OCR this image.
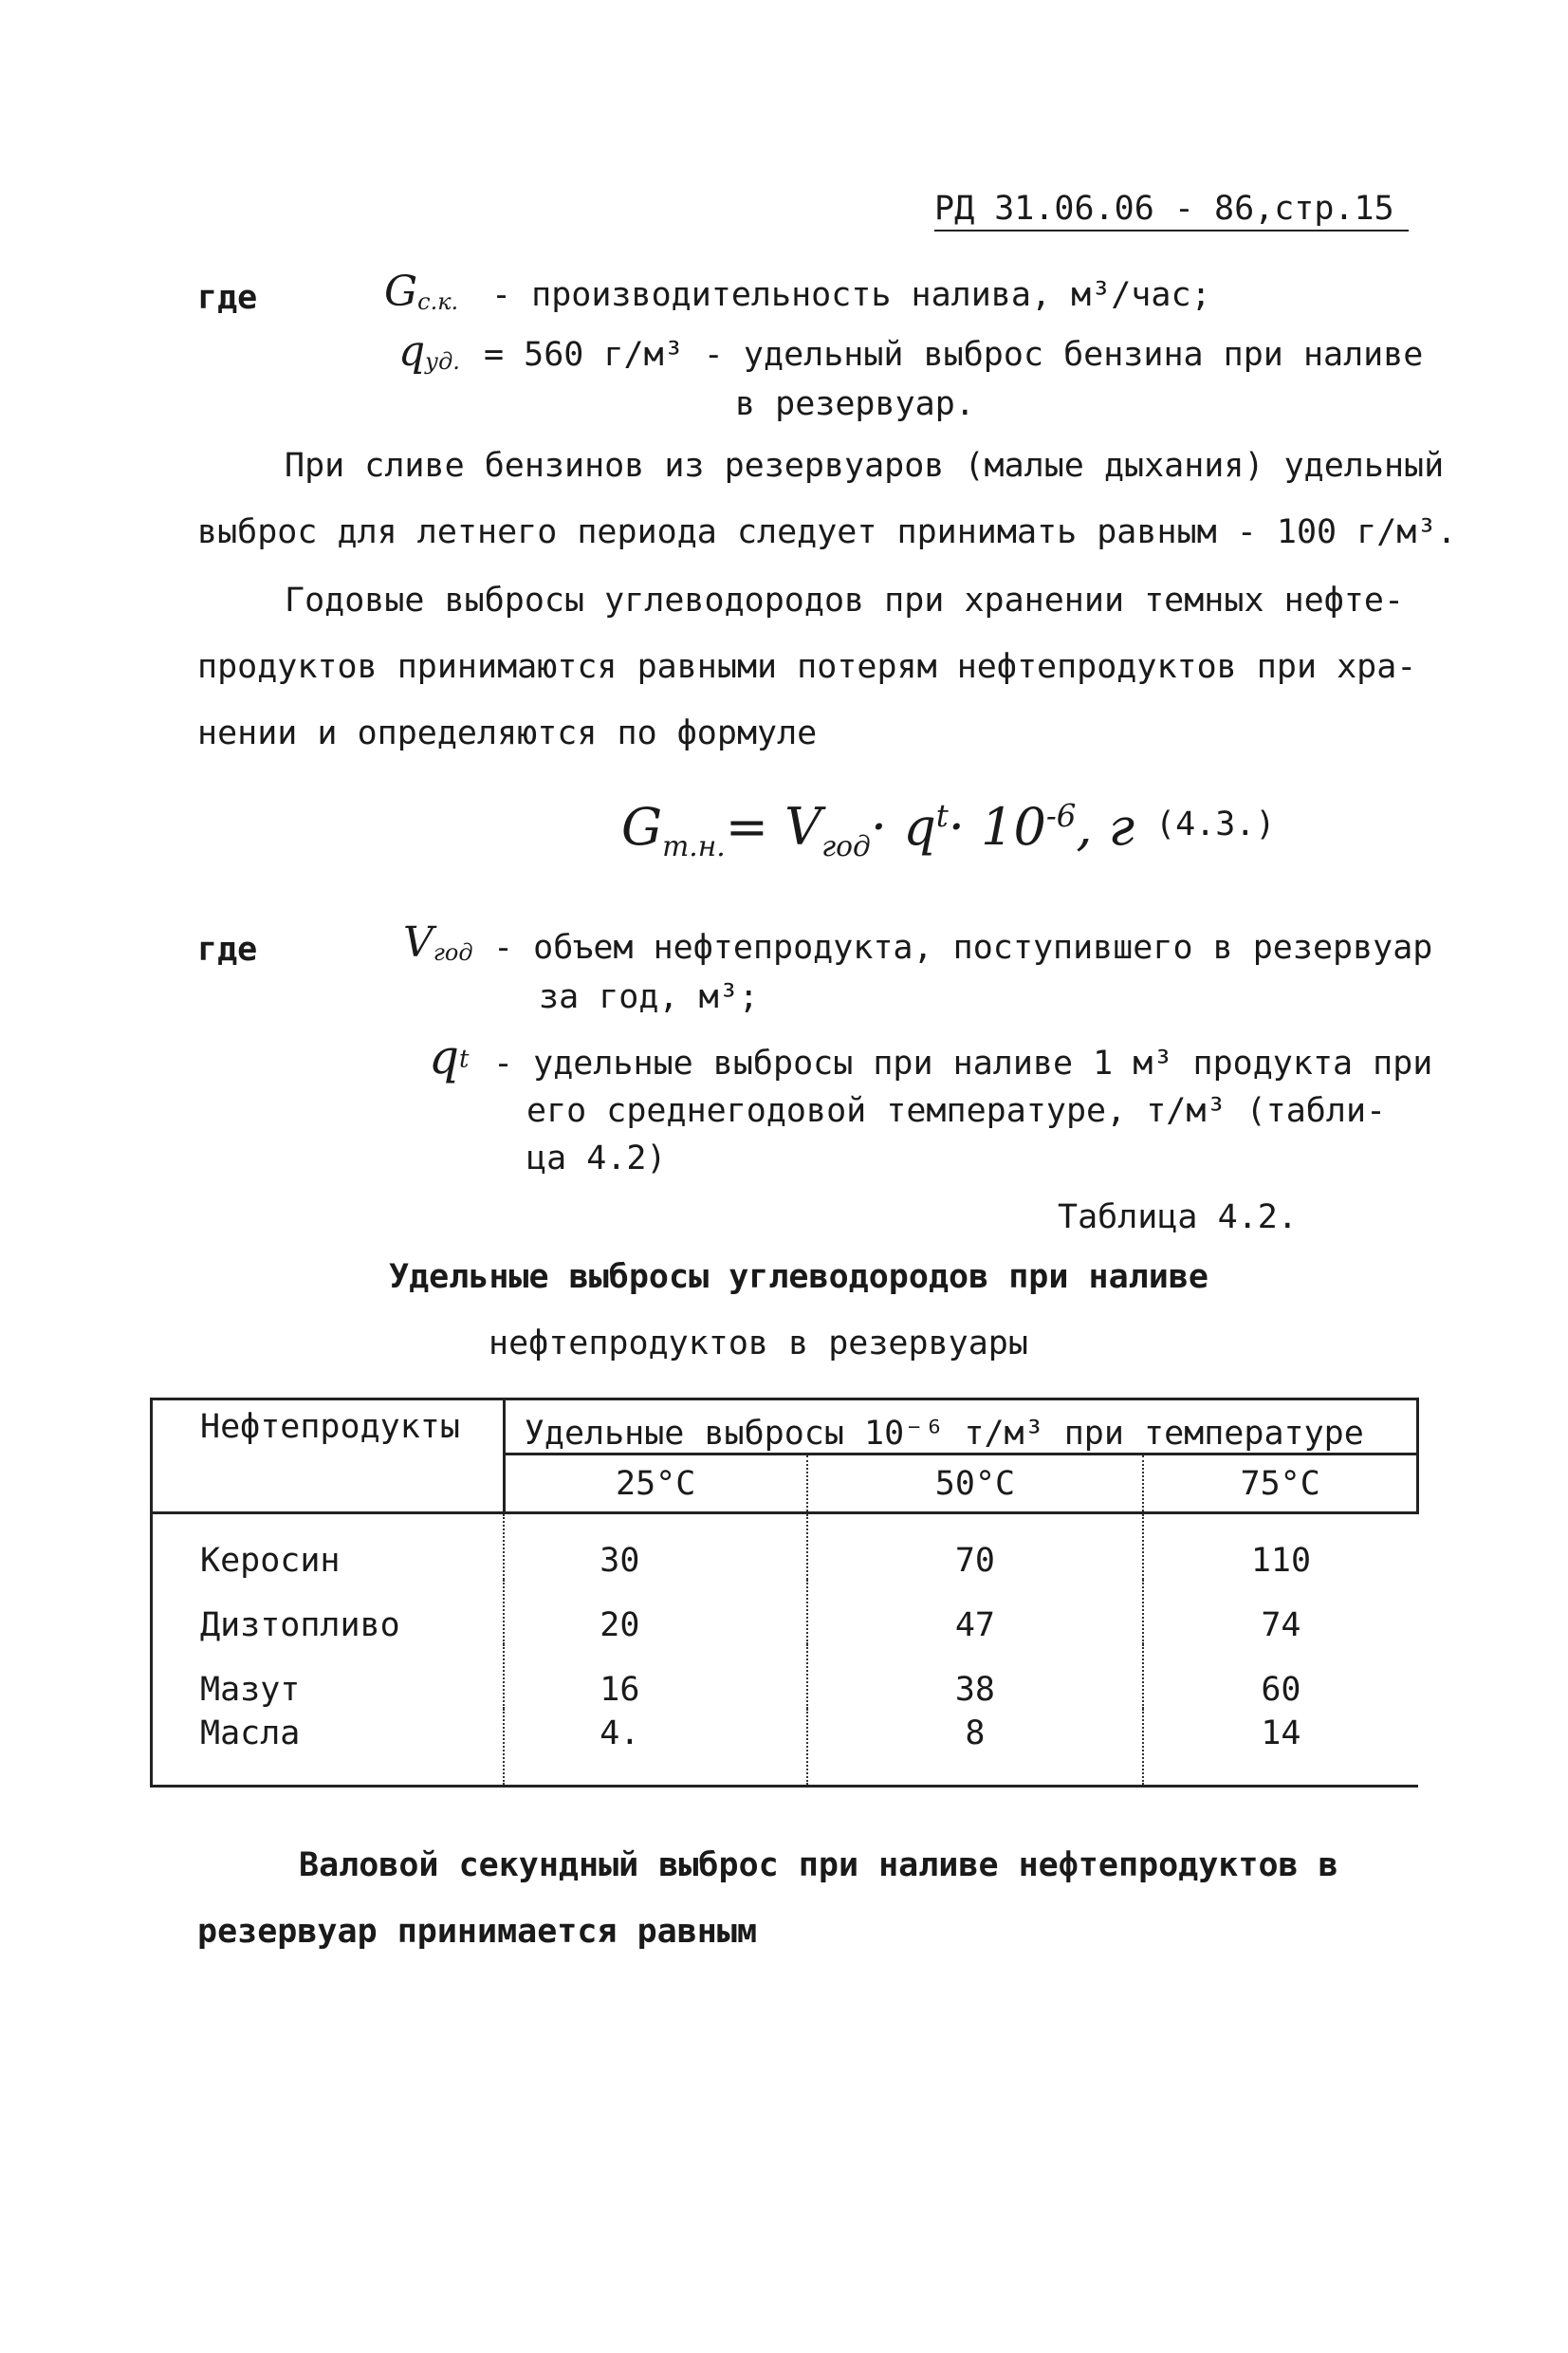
РД 31.06.06 - 86,стр.15
где	$G_{с.к.}$ - производительность налива, м³/час;
$q_{уд.} = 560$ г/м³ - удельный выброс бензина при наливе
в резервуар.
При сливе бензинов из резервуаров (малые дыхания) удельный
выброс для летнего периода следует принимать равным - 100 г/м³.
Годовые выбросы углеводородов при хранении темных нефте-
продуктов принимаются равными потерям нефтепродуктов при хра-
нении и определяются по формуле
$G_{т.н.}= V_{год}\cdot q^t\cdot 10^{-6}$, г (4.3.)
где	$V_{год}$ - объем нефтепродукта, поступившего в резервуар
за год, м³;
$q^t$ - удельные выбросы при наливе 1 м³ продукта при
его среднегодовой температуре, т/м³ (табли-
ца 4.2)
Таблица 4.2.
Удельные выбросы углеводородов при наливе
нефтепродуктов в резервуары
Нефтепродукты	Удельные выбросы 10⁻⁶ т/м³ при температуре		
	25°C	50°C	75°C
Керосин	30	70	110
Дизтопливо	20	47	74
Мазут	16	38	60
Масла	4.	8	14
Валовой секундный выброс при наливе нефтепродуктов в
резервуар принимается равным
